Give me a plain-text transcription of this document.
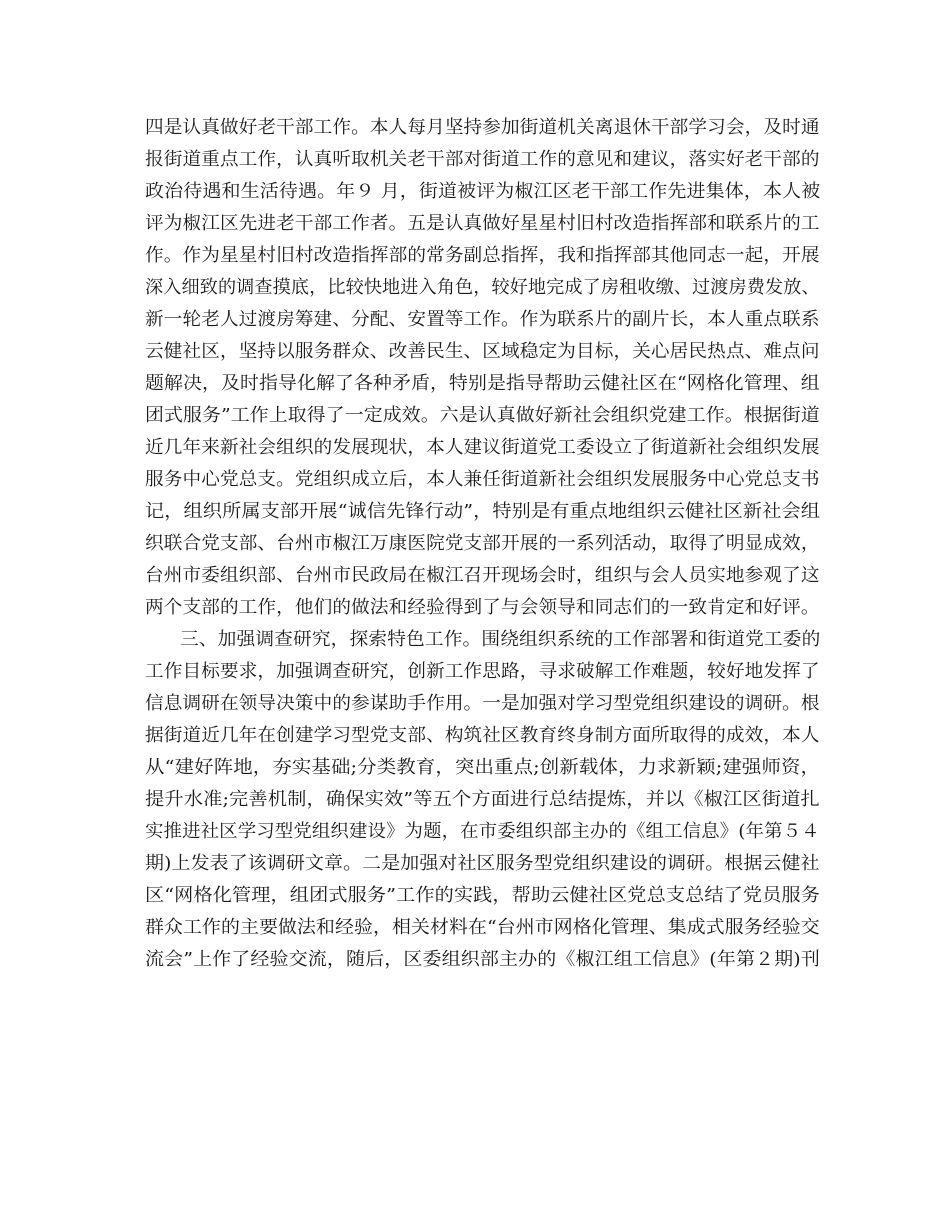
四是认真做好老干部工作。本人每月坚持参加街道机关离退休干部学习会，及时通
报街道重点工作，认真听取机关老干部对街道工作的意见和建议，落实好老干部的
政治待遇和生活待遇。年９ 月，街道被评为椒江区老干部工作先进集体，本人被
评为椒江区先进老干部工作者。五是认真做好星星村旧村改造指挥部和联系片的工
作。作为星星村旧村改造指挥部的常务副总指挥，我和指挥部其他同志一起，开展
深入细致的调查摸底，比较快地进入角色，较好地完成了房租收缴、过渡房费发放、
新一轮老人过渡房筹建、分配、安置等工作。作为联系片的副片长，本人重点联系
云健社区，坚持以服务群众、改善民生、区域稳定为目标，关心居民热点、难点问
题解决，及时指导化解了各种矛盾，特别是指导帮助云健社区在“网格化管理、组
团式服务”工作上取得了一定成效。六是认真做好新社会组织党建工作。根据街道
近几年来新社会组织的发展现状，本人建议街道党工委设立了街道新社会组织发展
服务中心党总支。党组织成立后，本人兼任街道新社会组织发展服务中心党总支书
记，组织所属支部开展“诚信先锋行动”，特别是有重点地组织云健社区新社会组
织联合党支部、台州市椒江万康医院党支部开展的一系列活动，取得了明显成效，
台州市委组织部、台州市民政局在椒江召开现场会时，组织与会人员实地参观了这
两个支部的工作，他们的做法和经验得到了与会领导和同志们的一致肯定和好评。
三、加强调查研究，探索特色工作。围绕组织系统的工作部署和街道党工委的
工作目标要求，加强调查研究，创新工作思路，寻求破解工作难题，较好地发挥了
信息调研在领导决策中的参谋助手作用。一是加强对学习型党组织建设的调研。根
据街道近几年在创建学习型党支部、构筑社区教育终身制方面所取得的成效，本人
从“建好阵地，夯实基础;分类教育，突出重点;创新载体，力求新颖;建强师资，
提升水准;完善机制，确保实效”等五个方面进行总结提炼，并以《椒江区街道扎
实推进社区学习型党组织建设》为题，在市委组织部主办的《组工信息》(年第５４
期)上发表了该调研文章。二是加强对社区服务型党组织建设的调研。根据云健社
区“网格化管理，组团式服务”工作的实践，帮助云健社区党总支总结了党员服务
群众工作的主要做法和经验，相关材料在“台州市网格化管理、集成式服务经验交
流会”上作了经验交流，随后，区委组织部主办的《椒江组工信息》(年第２期)刊
